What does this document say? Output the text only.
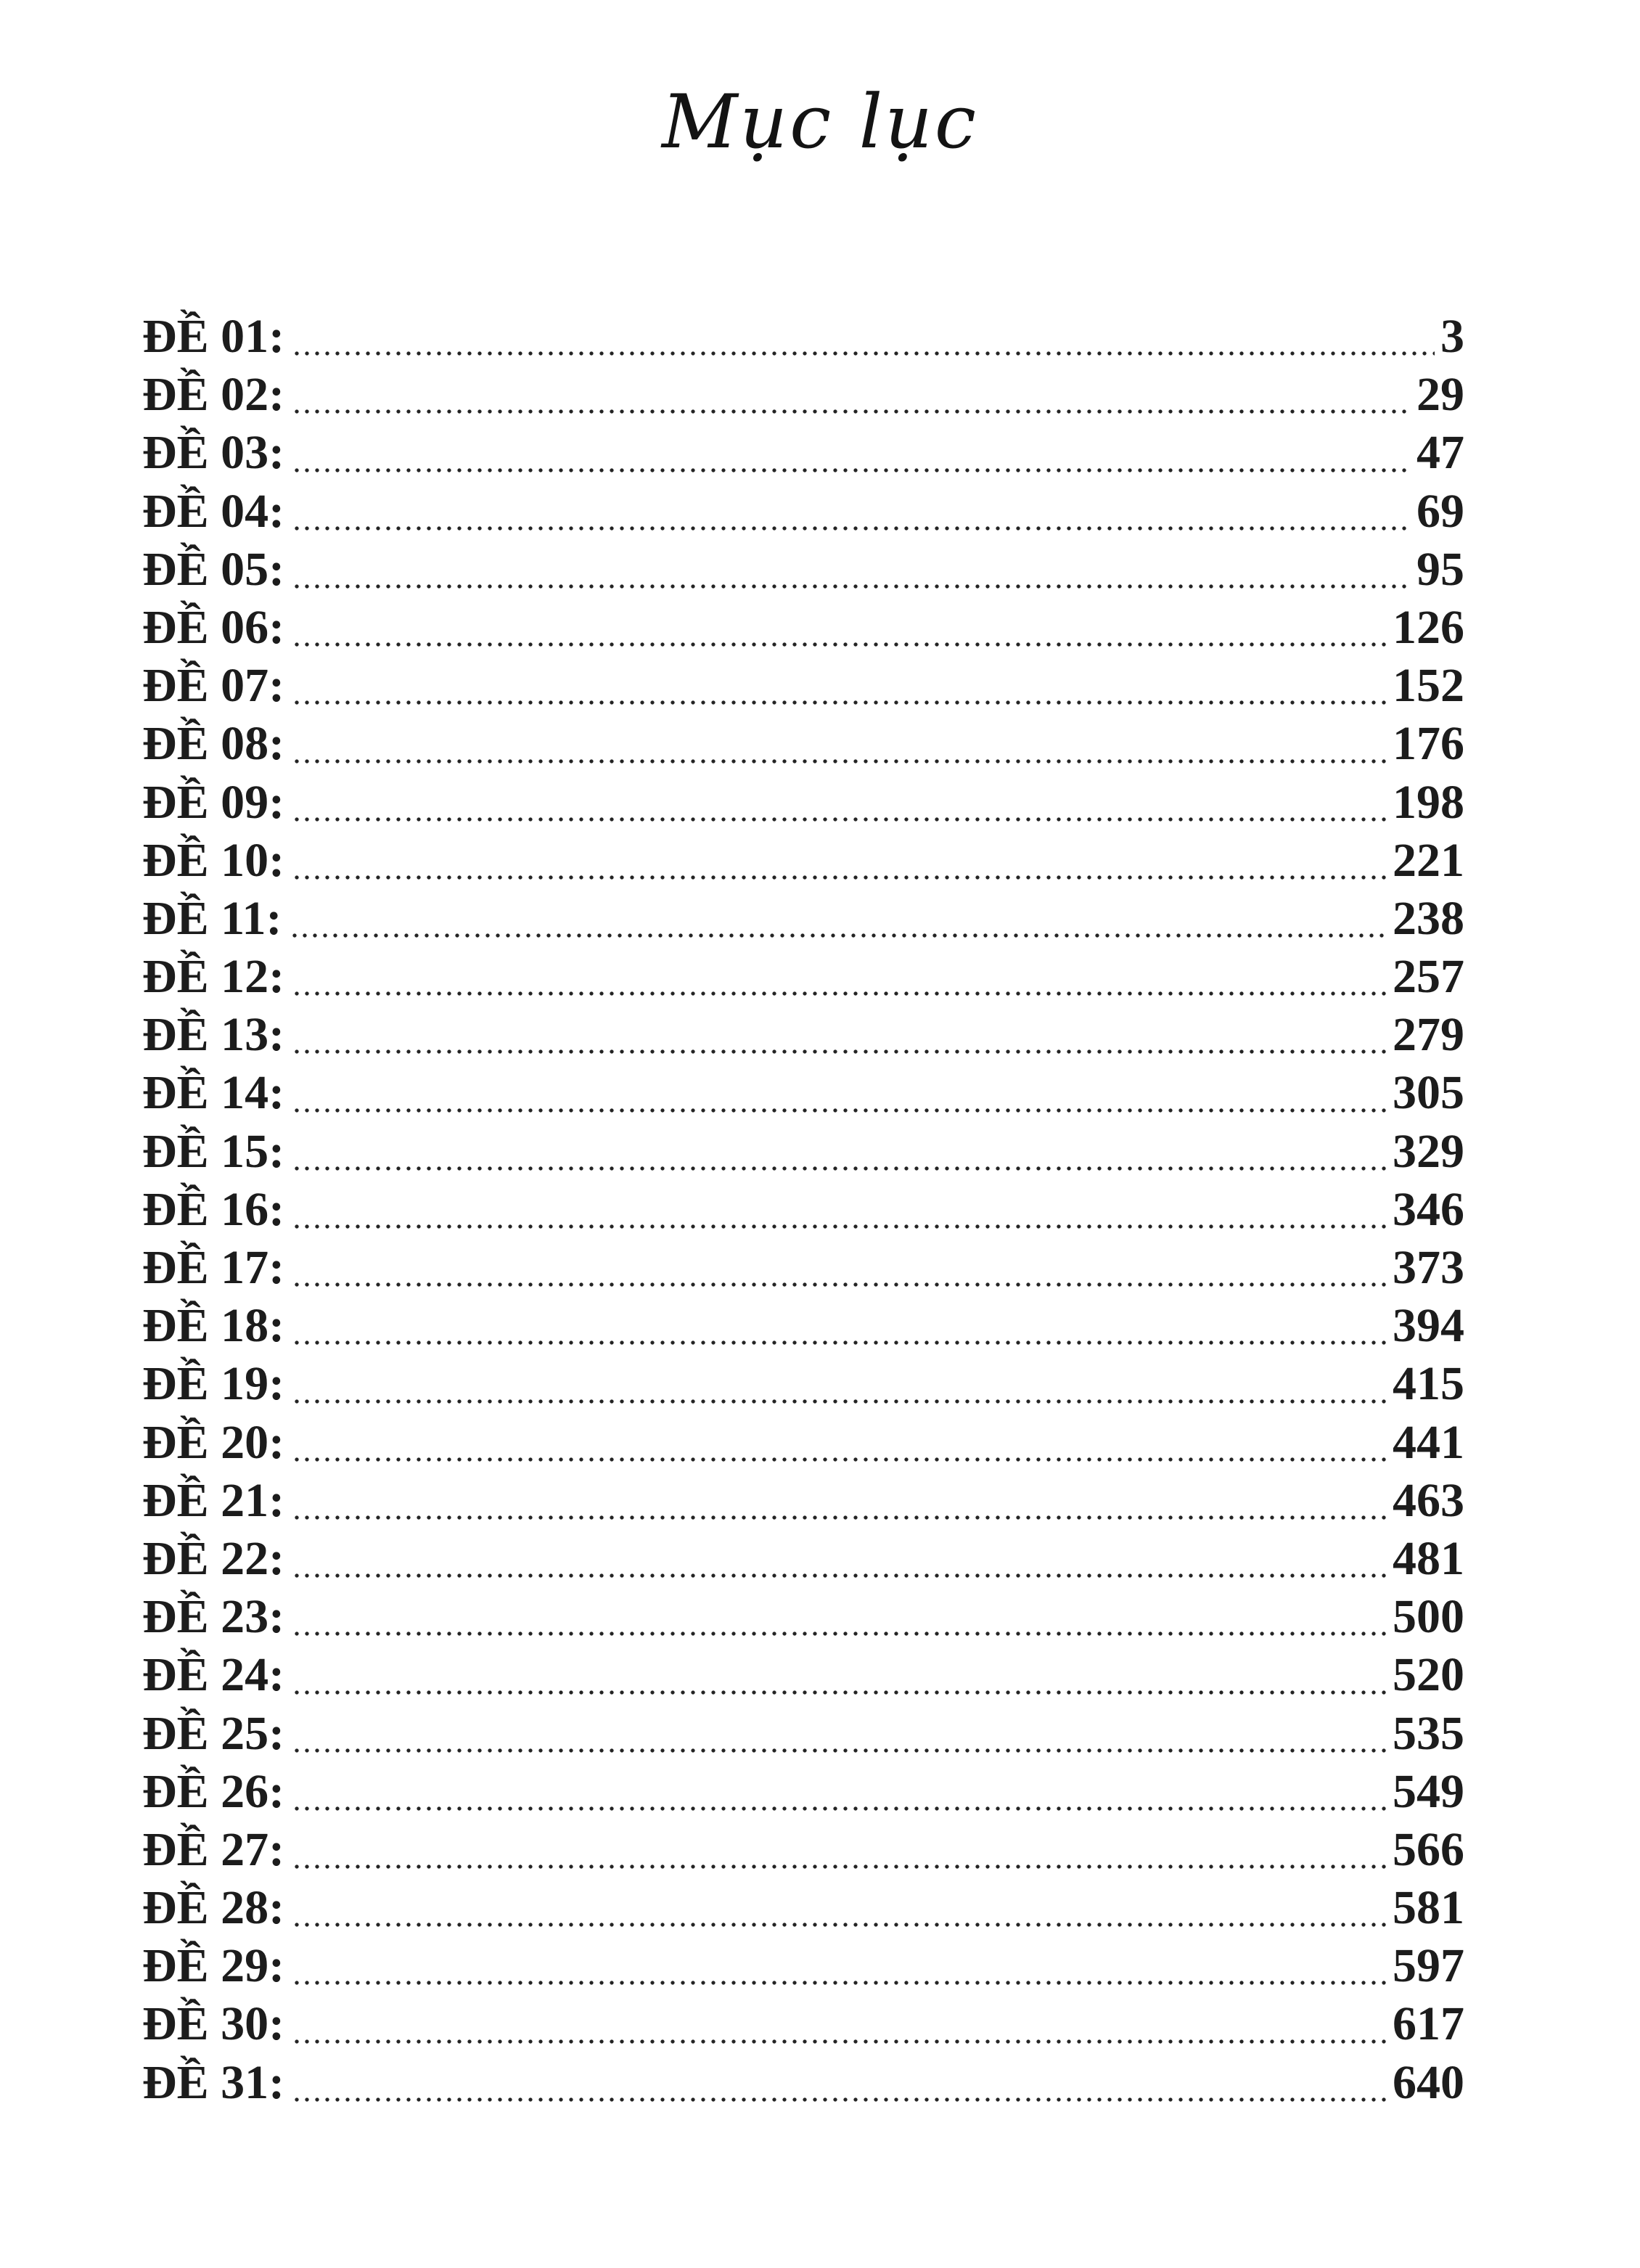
Mục lục
ĐỀ 01:	3
ĐỀ 02:	29
ĐỀ 03:	47
ĐỀ 04:	69
ĐỀ 05:	95
ĐỀ 06:	126
ĐỀ 07:	152
ĐỀ 08:	176
ĐỀ 09:	198
ĐỀ 10:	221
ĐỀ 11:	238
ĐỀ 12:	257
ĐỀ 13:	279
ĐỀ 14:	305
ĐỀ 15:	329
ĐỀ 16:	346
ĐỀ 17:	373
ĐỀ 18:	394
ĐỀ 19:	415
ĐỀ 20:	441
ĐỀ 21:	463
ĐỀ 22:	481
ĐỀ 23:	500
ĐỀ 24:	520
ĐỀ 25:	535
ĐỀ 26:	549
ĐỀ 27:	566
ĐỀ 28:	581
ĐỀ 29:	597
ĐỀ 30:	617
ĐỀ 31:	640
